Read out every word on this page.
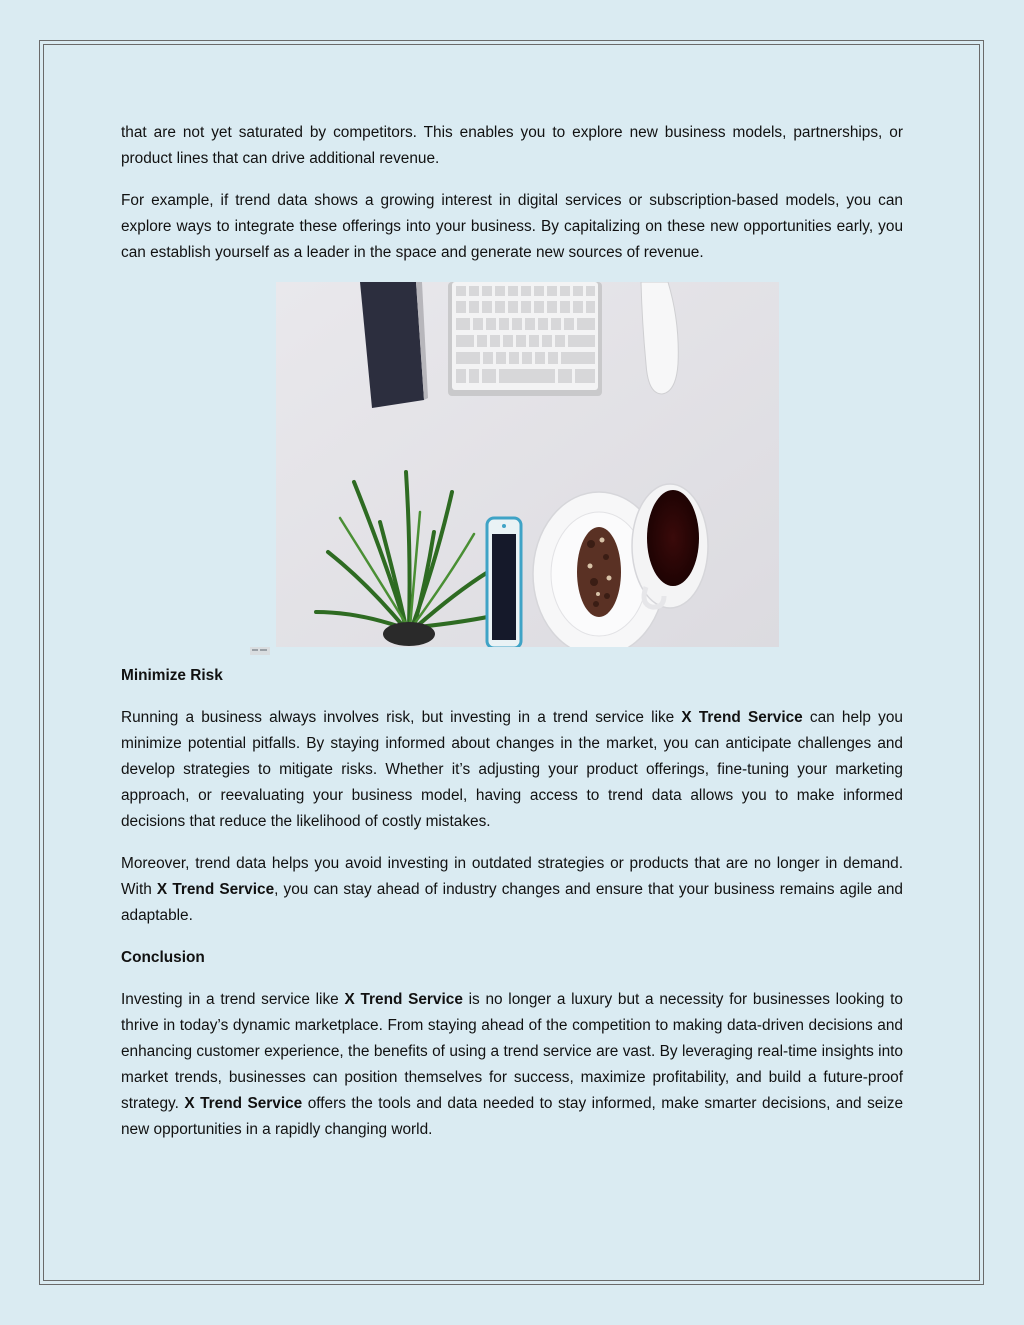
that are not yet saturated by competitors. This enables you to explore new business models, partnerships, or product lines that can drive additional revenue.

For example, if trend data shows a growing interest in digital services or subscription-based models, you can explore ways to integrate these offerings into your business. By capitalizing on these new opportunities early, you can establish yourself as a leader in the space and generate new sources of revenue.

Minimize Risk

Running a business always involves risk, but investing in a trend service like X Trend Service can help you minimize potential pitfalls. By staying informed about changes in the market, you can anticipate challenges and develop strategies to mitigate risks. Whether it’s adjusting your product offerings, fine-tuning your marketing approach, or reevaluating your business model, having access to trend data allows you to make informed decisions that reduce the likelihood of costly mistakes.

Moreover, trend data helps you avoid investing in outdated strategies or products that are no longer in demand. With X Trend Service, you can stay ahead of industry changes and ensure that your business remains agile and adaptable.

Conclusion

Investing in a trend service like X Trend Service is no longer a luxury but a necessity for businesses looking to thrive in today’s dynamic marketplace. From staying ahead of the competition to making data-driven decisions and enhancing customer experience, the benefits of using a trend service are vast. By leveraging real-time insights into market trends, businesses can position themselves for success, maximize profitability, and build a future-proof strategy. X Trend Service offers the tools and data needed to stay informed, make smarter decisions, and seize new opportunities in a rapidly changing world.
